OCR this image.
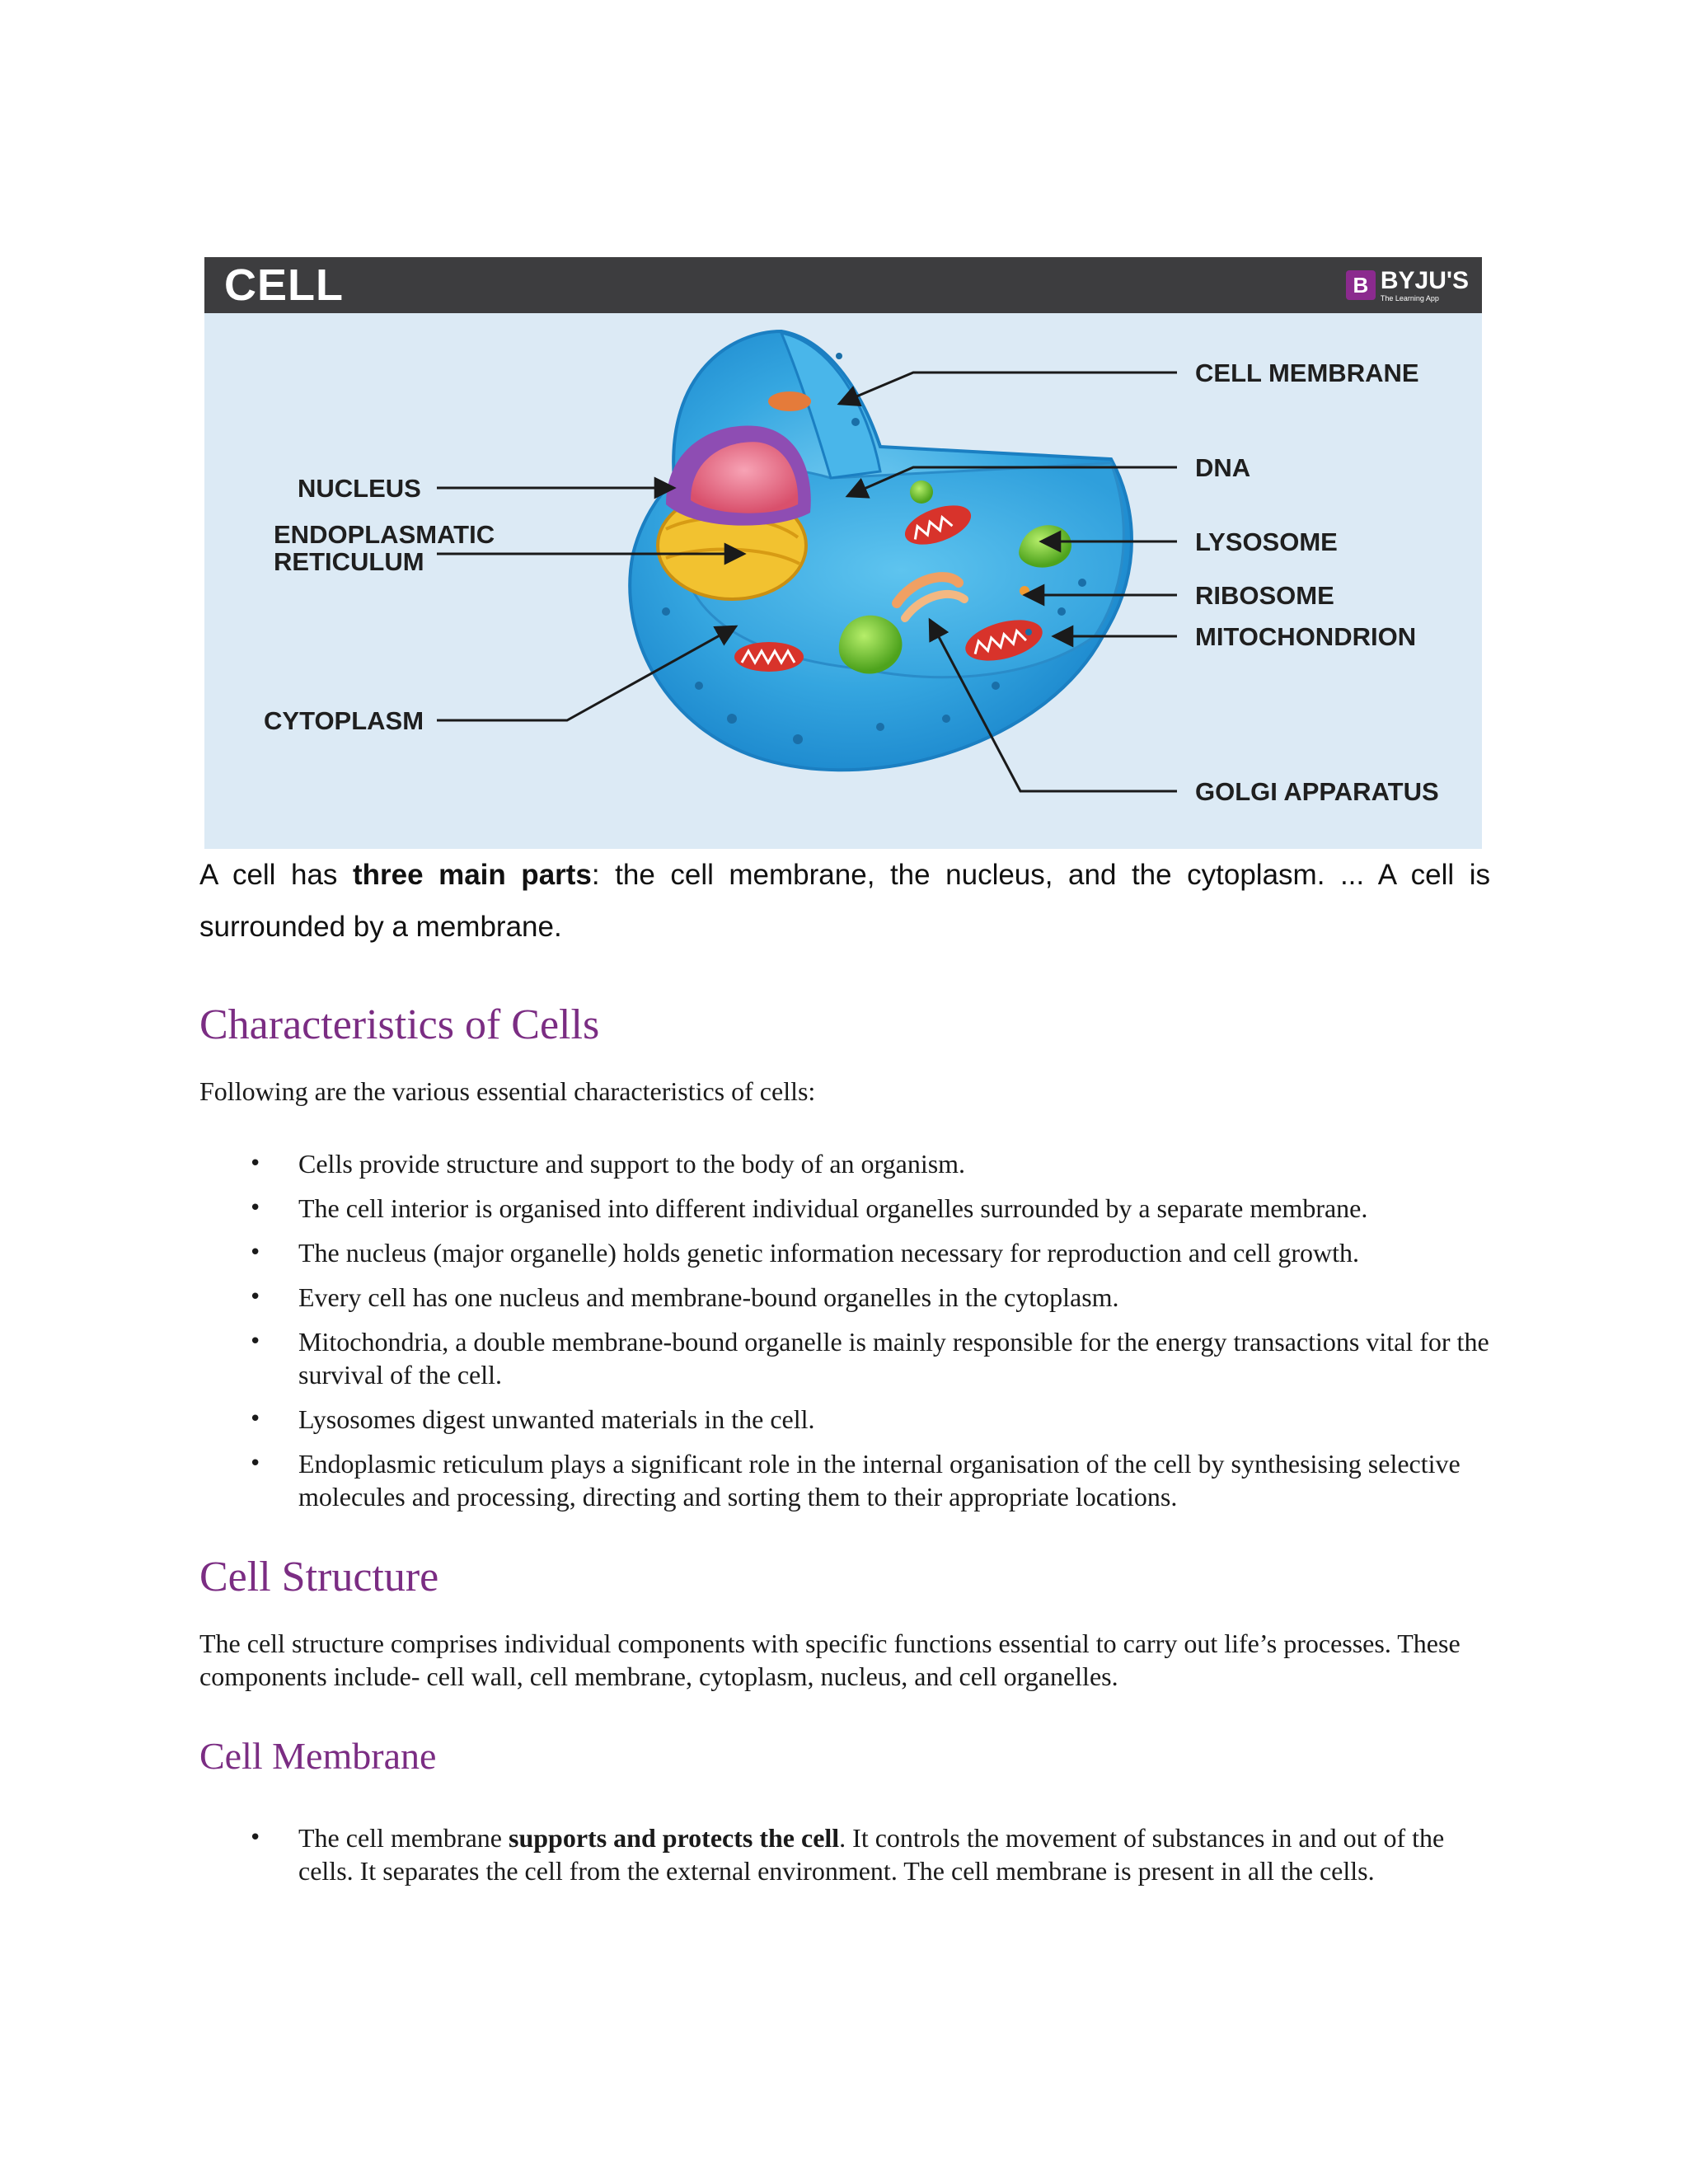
CELL	B BYJU'S
The Learning App
CELL MEMBRANE
DNA
LYSOSOME
RIBOSOME
MITOCHONDRION
GOLGI APPARATUS
NUCLEUS
ENDOPLASMATIC
RETICULUM
CYTOPLASM
A cell has three main parts: the cell membrane, the nucleus, and the cytoplasm. ... A cell is surrounded by a membrane.
Characteristics of Cells
Following are the various essential characteristics of cells:
• Cells provide structure and support to the body of an organism.
• The cell interior is organised into different individual organelles surrounded by a separate membrane.
• The nucleus (major organelle) holds genetic information necessary for reproduction and cell growth.
• Every cell has one nucleus and membrane-bound organelles in the cytoplasm.
• Mitochondria, a double membrane-bound organelle is mainly responsible for the energy transactions vital for the survival of the cell.
• Lysosomes digest unwanted materials in the cell.
• Endoplasmic reticulum plays a significant role in the internal organisation of the cell by synthesising selective molecules and processing, directing and sorting them to their appropriate locations.
Cell Structure
The cell structure comprises individual components with specific functions essential to carry out life’s processes. These components include- cell wall, cell membrane, cytoplasm, nucleus, and cell organelles.
Cell Membrane
• The cell membrane supports and protects the cell. It controls the movement of substances in and out of the cells. It separates the cell from the external environment. The cell membrane is present in all the cells.
